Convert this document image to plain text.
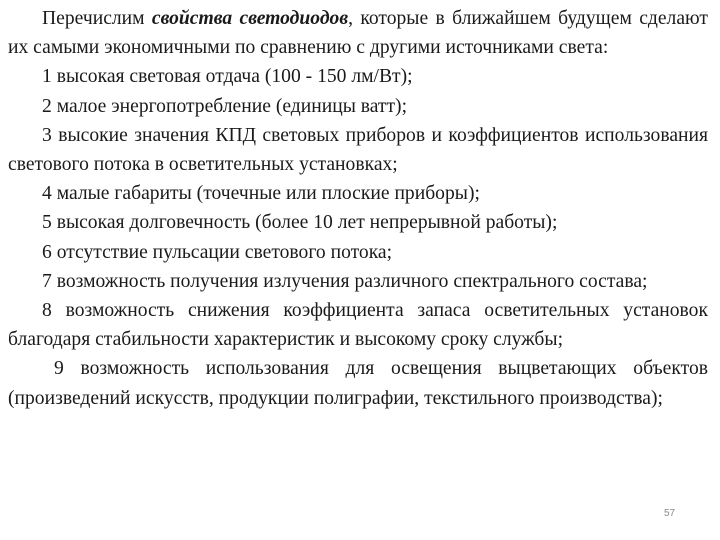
Перечислим свойства светодиодов, которые в ближайшем будущем сделают их самыми экономичными по сравнению с другими источниками света:

1 высокая световая отдача (100 - 150 лм/Вт);

2 малое энергопотребление (единицы ватт);

3 высокие значения КПД световых приборов и коэффициентов использования светового потока в осветительных установках;

4 малые габариты (точечные или плоские приборы);

5 высокая долговечность (более 10 лет непрерывной работы);

6 отсутствие пульсации светового потока;

7 возможность получения излучения различного спектрального состава;

8 возможность снижения коэффициента запаса осветительных установок благодаря стабильности характеристик и высокому сроку службы;

9 возможность использования для освещения выцветающих объектов (произведений искусств, продукции полиграфии, текстильного производства);

57
